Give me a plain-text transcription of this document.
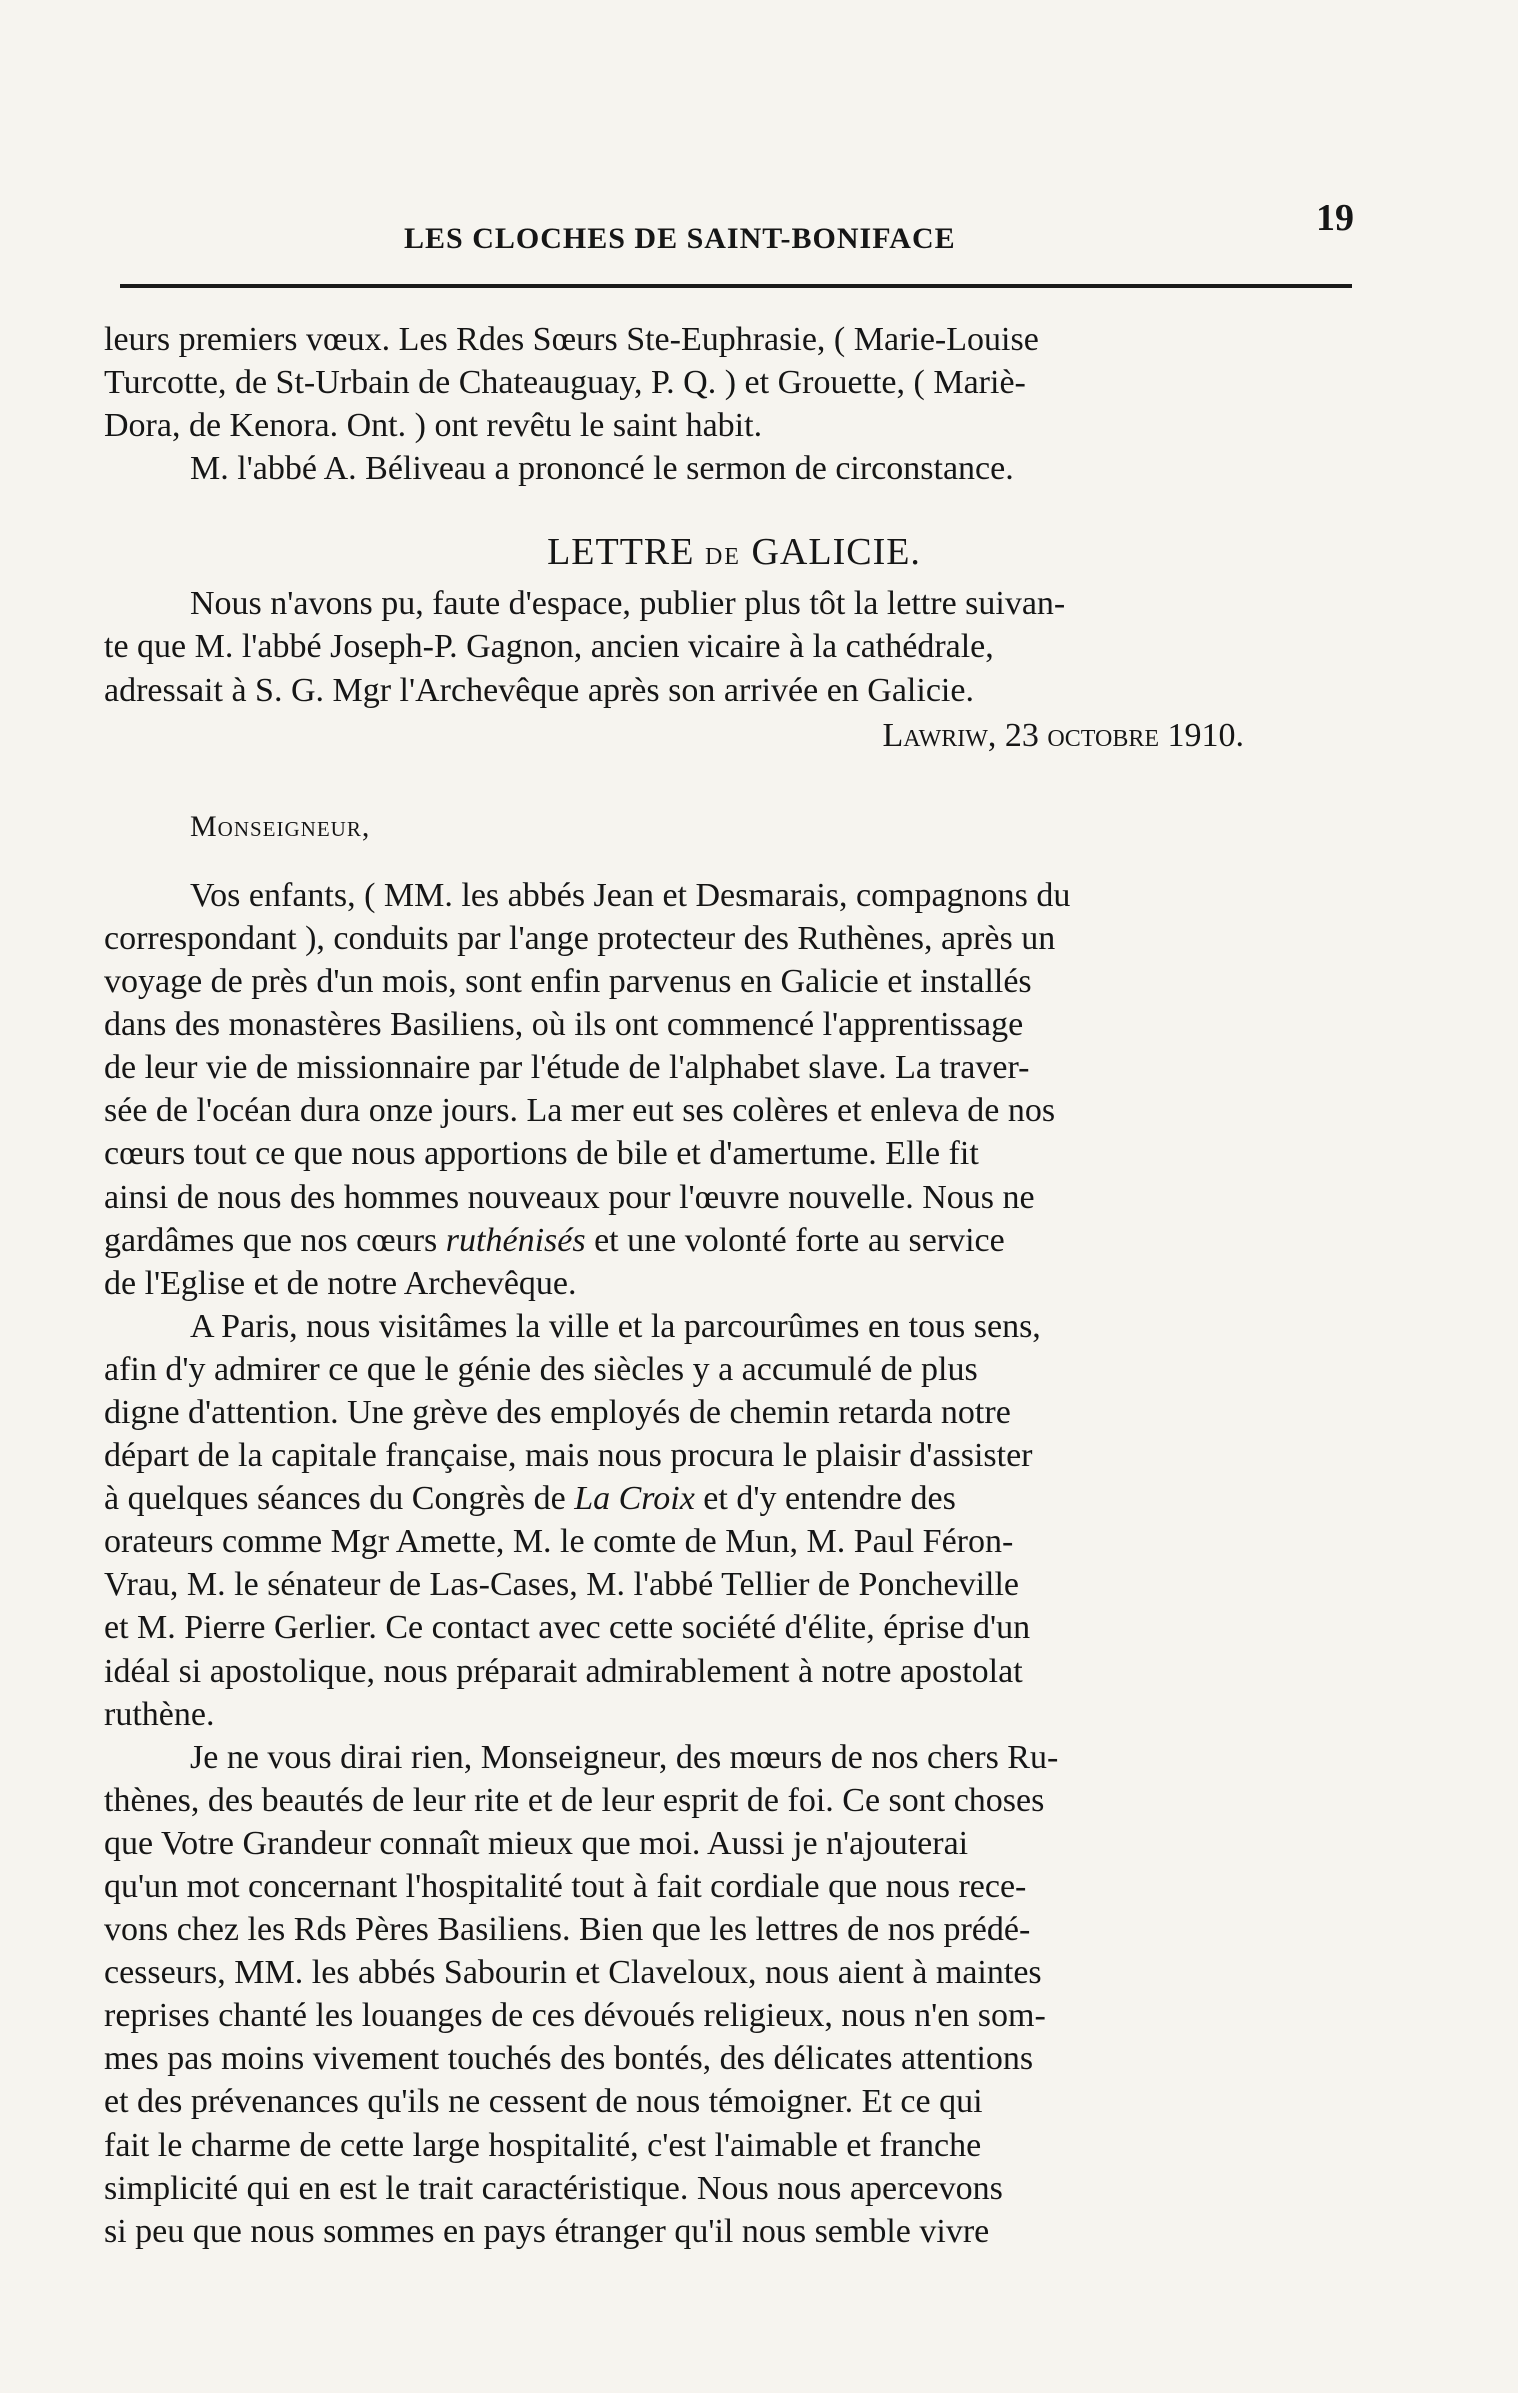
LES CLOCHES DE SAINT-BONIFACE	19
leurs premiers vœux. Les Rdes Sœurs Ste-Euphrasie, ( Marie-Louise
Turcotte, de St-Urbain de Chateauguay, P. Q. ) et Grouette, ( Mariè-
Dora, de Kenora. Ont. ) ont revêtu le saint habit.
M. l'abbé A. Béliveau a prononcé le sermon de circonstance.
LETTRE DE GALICIE.
Nous n'avons pu, faute d'espace, publier plus tôt la lettre suivan-
te que M. l'abbé Joseph-P. Gagnon, ancien vicaire à la cathédrale,
adressait à S. G. Mgr l'Archevêque après son arrivée en Galicie.
Lawriw, 23 octobre 1910.
Monseigneur,
Vos enfants, ( MM. les abbés Jean et Desmarais, compagnons du
correspondant ), conduits par l'ange protecteur des Ruthènes, après un
voyage de près d'un mois, sont enfin parvenus en Galicie et installés
dans des monastères Basiliens, où ils ont commencé l'apprentissage
de leur vie de missionnaire par l'étude de l'alphabet slave. La traver-
sée de l'océan dura onze jours. La mer eut ses colères et enleva de nos
cœurs tout ce que nous apportions de bile et d'amertume. Elle fit
ainsi de nous des hommes nouveaux pour l'œuvre nouvelle. Nous ne
gardâmes que nos cœurs ruthénisés et une volonté forte au service
de l'Eglise et de notre Archevêque.
A Paris, nous visitâmes la ville et la parcourûmes en tous sens,
afin d'y admirer ce que le génie des siècles y a accumulé de plus
digne d'attention. Une grève des employés de chemin retarda notre
départ de la capitale française, mais nous procura le plaisir d'assister
à quelques séances du Congrès de La Croix et d'y entendre des
orateurs comme Mgr Amette, M. le comte de Mun, M. Paul Féron-
Vrau, M. le sénateur de Las-Cases, M. l'abbé Tellier de Poncheville
et M. Pierre Gerlier. Ce contact avec cette société d'élite, éprise d'un
idéal si apostolique, nous préparait admirablement à notre apostolat
ruthène.
Je ne vous dirai rien, Monseigneur, des mœurs de nos chers Ru-
thènes, des beautés de leur rite et de leur esprit de foi. Ce sont choses
que Votre Grandeur connaît mieux que moi. Aussi je n'ajouterai
qu'un mot concernant l'hospitalité tout à fait cordiale que nous rece-
vons chez les Rds Pères Basiliens. Bien que les lettres de nos prédé-
cesseurs, MM. les abbés Sabourin et Claveloux, nous aient à maintes
reprises chanté les louanges de ces dévoués religieux, nous n'en som-
mes pas moins vivement touchés des bontés, des délicates attentions
et des prévenances qu'ils ne cessent de nous témoigner. Et ce qui
fait le charme de cette large hospitalité, c'est l'aimable et franche
simplicité qui en est le trait caractéristique. Nous nous apercevons
si peu que nous sommes en pays étranger qu'il nous semble vivre
